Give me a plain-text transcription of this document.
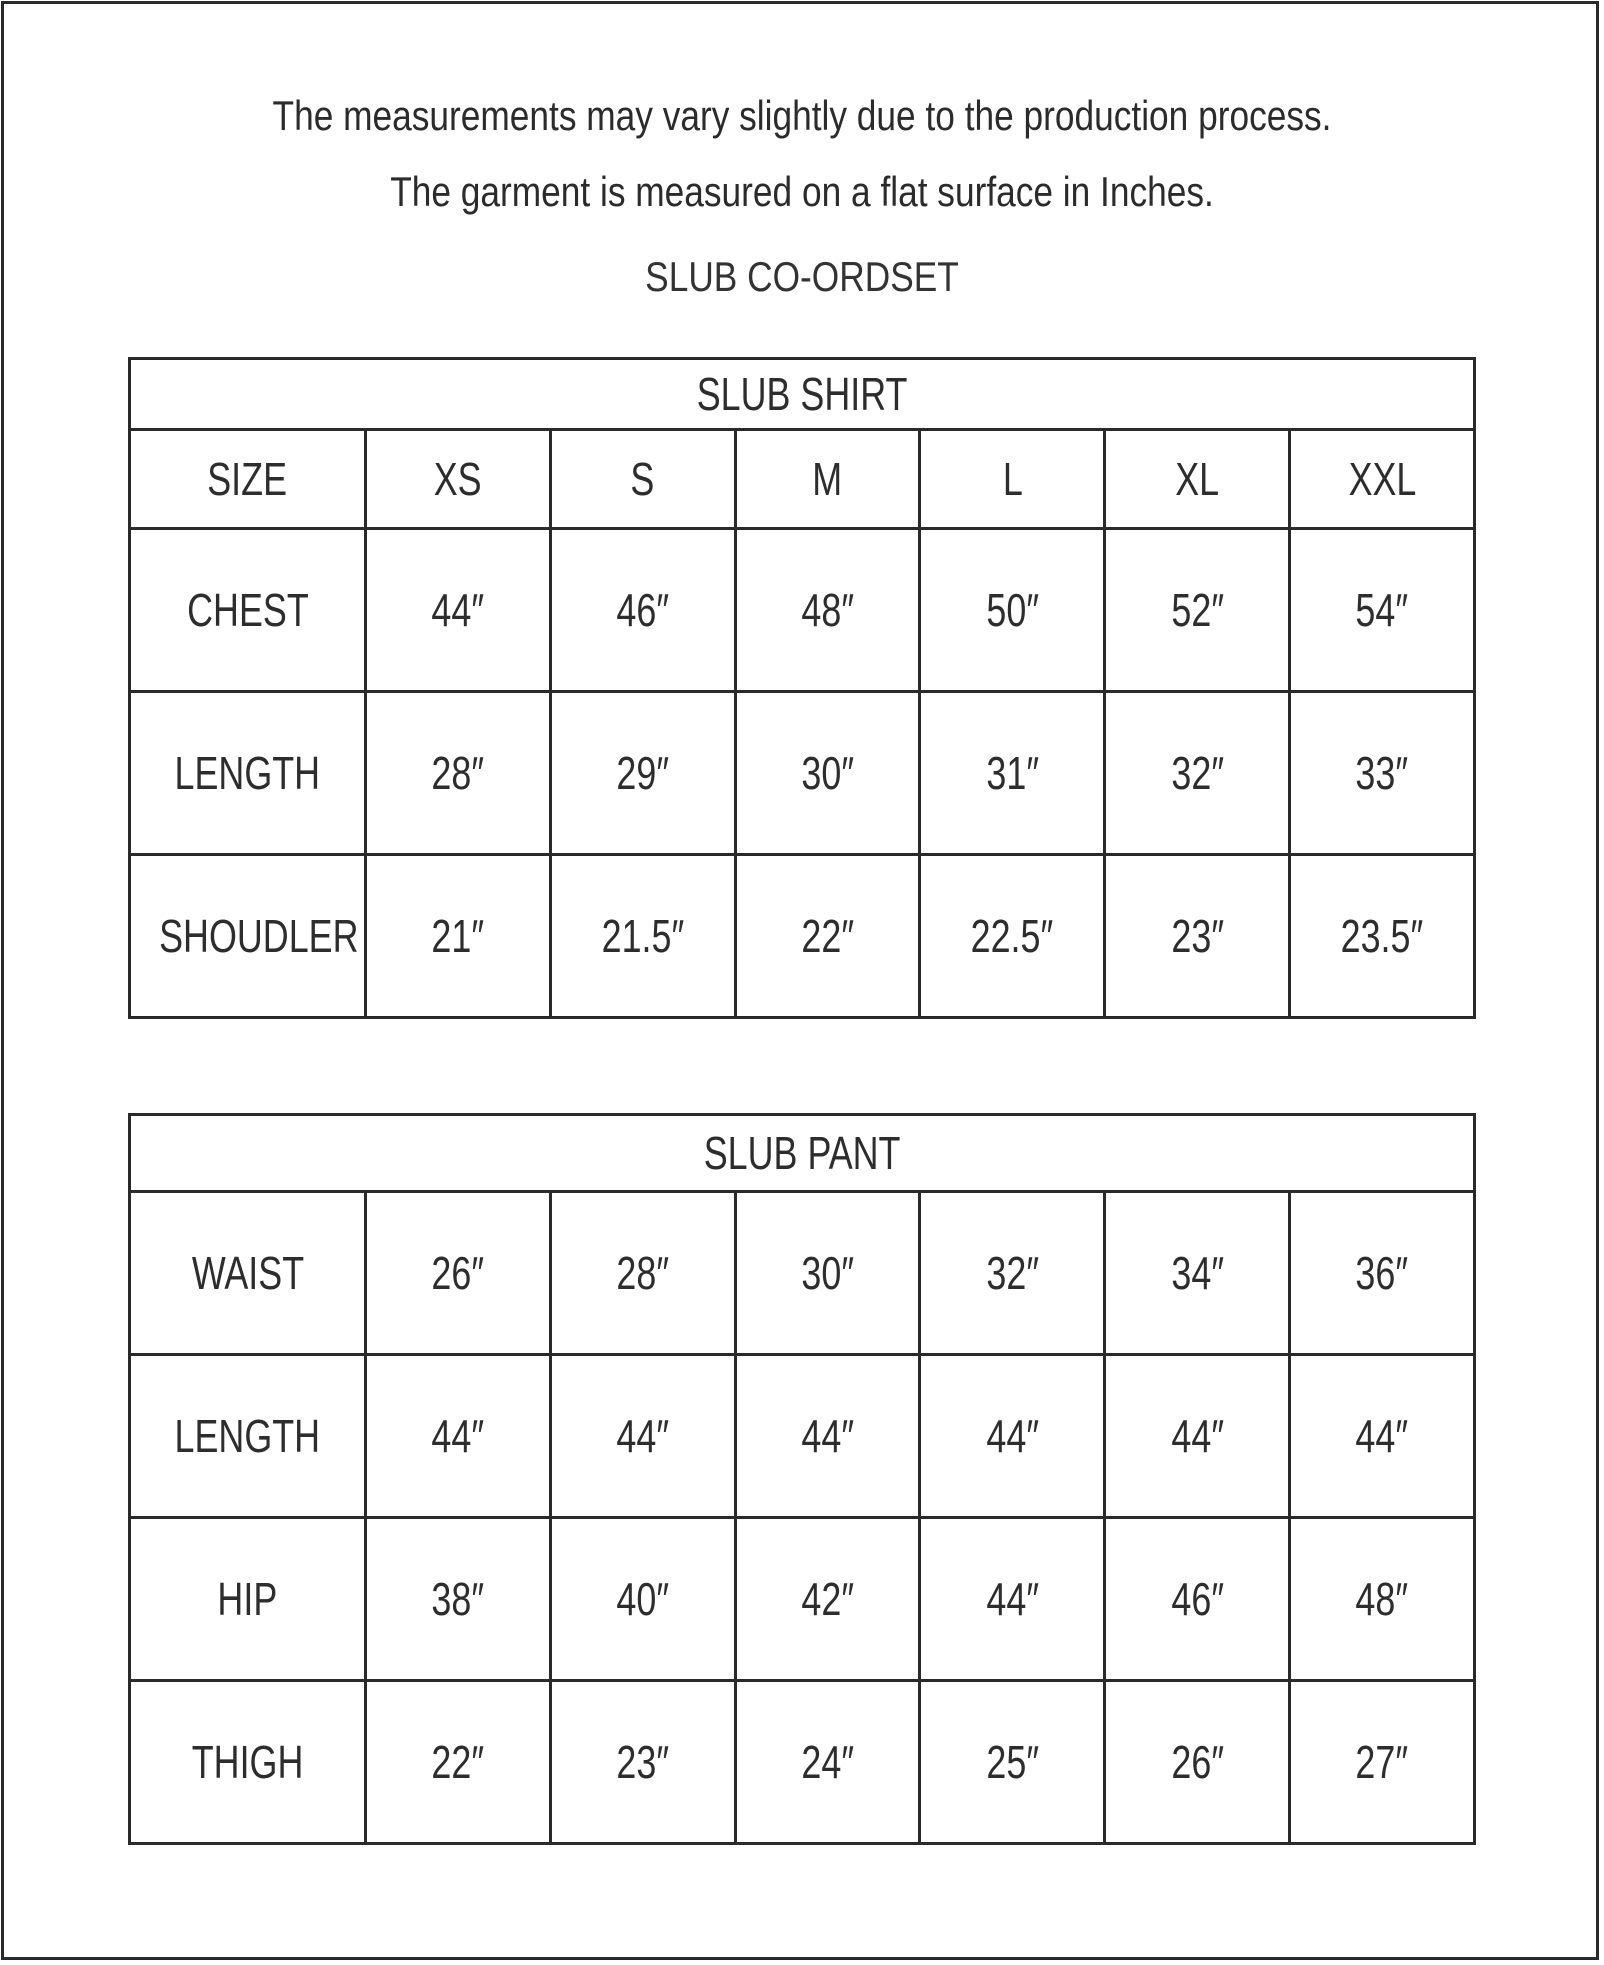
The measurements may vary slightly due to the production process.
The garment is measured on a flat surface in Inches.
SLUB CO-ORDSET
SLUB SHIRT						
SIZE	XS	S	M	L	XL	XXL
CHEST	44″	46″	48″	50″	52″	54″
LENGTH	28″	29″	30″	31″	32″	33″
SHOUDLER	21″	21.5″	22″	22.5″	23″	23.5″
SLUB PANT						
WAIST	26″	28″	30″	32″	34″	36″
LENGTH	44″	44″	44″	44″	44″	44″
HIP	38″	40″	42″	44″	46″	48″
THIGH	22″	23″	24″	25″	26″	27″
